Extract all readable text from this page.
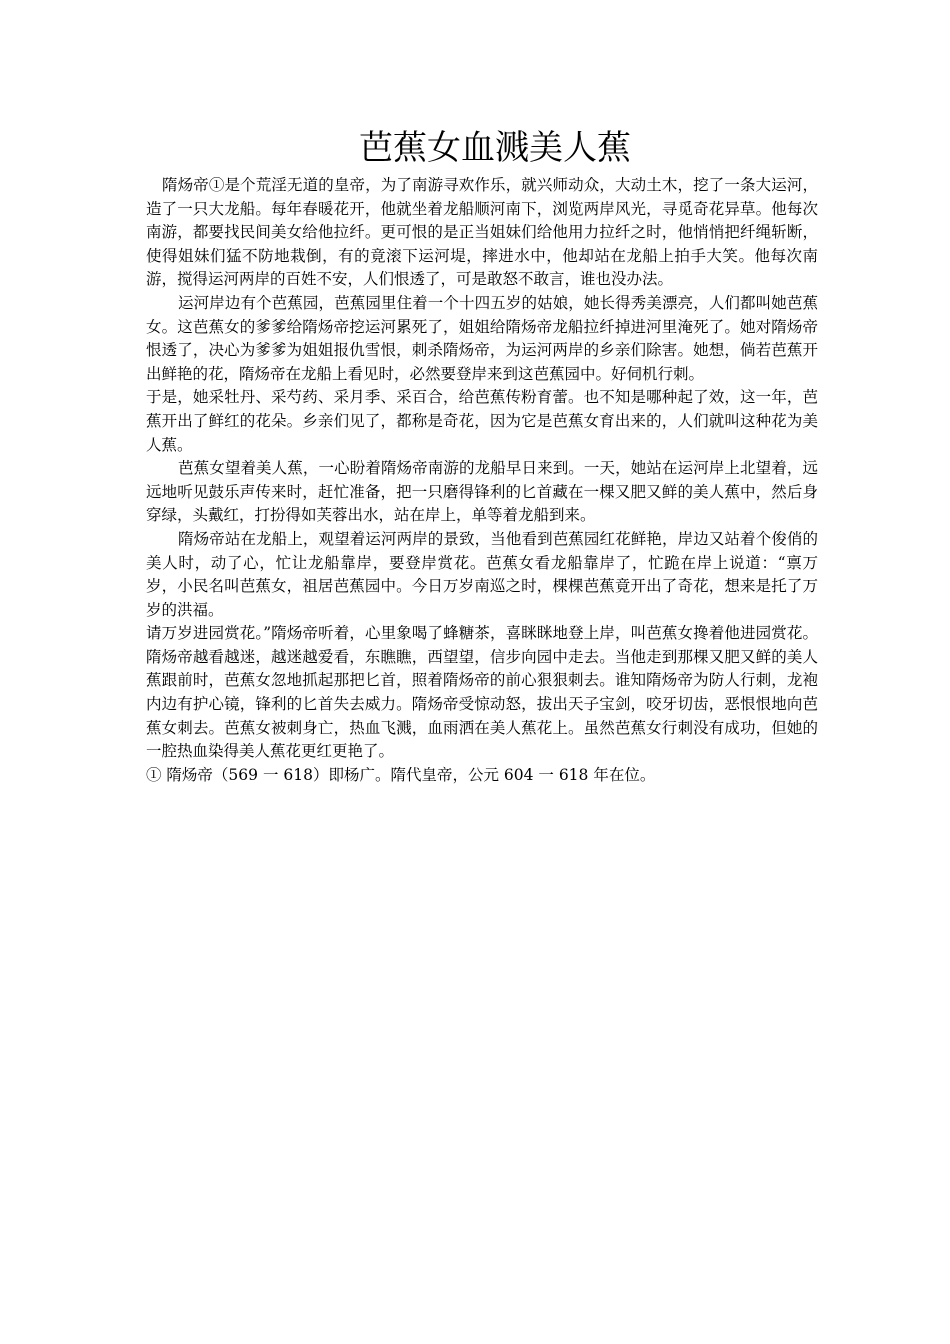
芭蕉女血溅美人蕉

隋炀帝①是个荒淫无道的皇帝，为了南游寻欢作乐，就兴师动众，大动土木，挖了一条大运河，造了一只大龙船。每年春暖花开，他就坐着龙船顺河南下，浏览两岸风光，寻觅奇花异草。他每次南游，都要找民间美女给他拉纤。更可恨的是正当姐妹们给他用力拉纤之时，他悄悄把纤绳斩断，使得姐妹们猛不防地栽倒，有的竟滚下运河堤，摔进水中，他却站在龙船上拍手大笑。他每次南游，搅得运河两岸的百姓不安，人们恨透了，可是敢怒不敢言，谁也没办法。

运河岸边有个芭蕉园，芭蕉园里住着一个十四五岁的姑娘，她长得秀美漂亮，人们都叫她芭蕉女。这芭蕉女的爹爹给隋炀帝挖运河累死了，姐姐给隋炀帝龙船拉纤掉进河里淹死了。她对隋炀帝恨透了，决心为爹爹为姐姐报仇雪恨，刺杀隋炀帝，为运河两岸的乡亲们除害。她想，倘若芭蕉开出鲜艳的花，隋炀帝在龙船上看见时，必然要登岸来到这芭蕉园中。好伺机行刺。

于是，她采牡丹、采芍药、采月季、采百合，给芭蕉传粉育蕾。也不知是哪种起了效，这一年，芭蕉开出了鲜红的花朵。乡亲们见了，都称是奇花，因为它是芭蕉女育出来的，人们就叫这种花为美人蕉。

芭蕉女望着美人蕉，一心盼着隋炀帝南游的龙船早日来到。一天，她站在运河岸上北望着，远远地听见鼓乐声传来时，赶忙准备，把一只磨得锋利的匕首藏在一棵又肥又鲜的美人蕉中，然后身穿绿，头戴红，打扮得如芙蓉出水，站在岸上，单等着龙船到来。

隋炀帝站在龙船上，观望着运河两岸的景致，当他看到芭蕉园红花鲜艳，岸边又站着个俊俏的美人时，动了心，忙让龙船靠岸，要登岸赏花。芭蕉女看龙船靠岸了，忙跪在岸上说道：“禀万岁，小民名叫芭蕉女，祖居芭蕉园中。今日万岁南巡之时，棵棵芭蕉竟开出了奇花，想来是托了万岁的洪福。

请万岁进园赏花。”隋炀帝听着，心里象喝了蜂糖茶，喜眯眯地登上岸，叫芭蕉女搀着他进园赏花。隋炀帝越看越迷，越迷越爱看，东瞧瞧，西望望，信步向园中走去。当他走到那棵又肥又鲜的美人蕉跟前时，芭蕉女忽地抓起那把匕首，照着隋炀帝的前心狠狠刺去。谁知隋炀帝为防人行刺，龙袍内边有护心镜，锋利的匕首失去威力。隋炀帝受惊动怒，拔出天子宝剑，咬牙切齿，恶恨恨地向芭蕉女刺去。芭蕉女被刺身亡，热血飞溅，血雨洒在美人蕉花上。虽然芭蕉女行刺没有成功，但她的一腔热血染得美人蕉花更红更艳了。

① 隋炀帝（569 一 618）即杨广。隋代皇帝，公元 604 一 618 年在位。
